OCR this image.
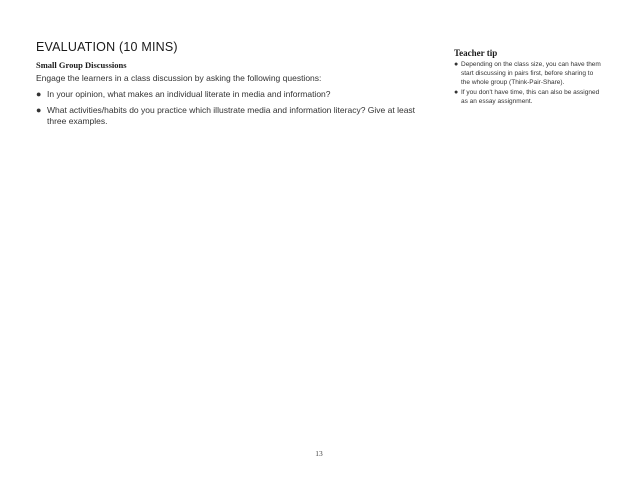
EVALUATION (10 MINS)
Small Group Discussions
Engage the learners in a class discussion by asking the following questions:
● In your opinion, what makes an individual literate in media and information?
● What activities/habits do you practice which illustrate media and information literacy? Give at least three examples.
Teacher tip
● Depending on the class size, you can have them start discussing in pairs first, before sharing to the whole group (Think-Pair-Share).
● If you don't have time, this can also be assigned as an essay assignment.
13
